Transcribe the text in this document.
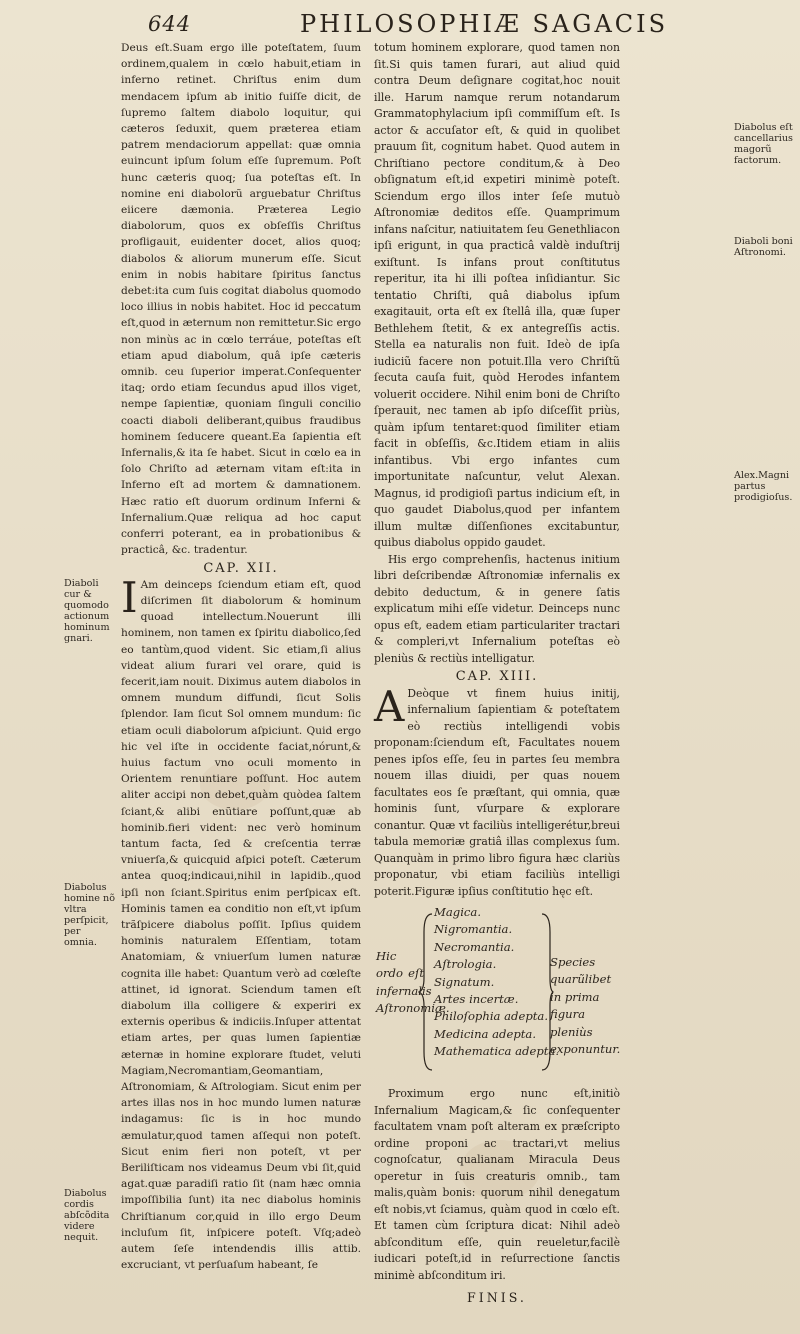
644	PHILOSOPHIÆ SAGACIS
Diaboli cur & quomodo actionum hominum gnari.
Diabolus homine nõ vltra perſpicit, per omnia.
Diabolus cordis abſcõdita videre nequit.
Diabolus eſt cancellarius magorũ factorum.
Diaboli boni Aſtronomi.
Alex.Magni partus prodigioſus.

Deus eſt.Suam ergo ille poteſtatem, ſuum ordinem,qualem in cœlo habuit,etiam in inferno retinet. Chriſtus enim dum mendacem ipſum ab initio fuiſſe dicit, de ſupremo ſaltem diabolo loquitur, qui cæteros ſeduxit, quem præterea etiam patrem mendaciorum appellat: quæ omnia euincunt ipſum ſolum eſſe ſupremum. Poſt hunc cæteris quoq; ſua poteſtas eſt. In nomine eni diabolorũ arguebatur Chriſtus eiicere dæmonia. Præterea Legio diabolorum, quos ex obſeſſis Chriſtus profligauit, euidenter docet, alios quoq; diabolos & aliorum munerum eſſe. Sicut enim in nobis habitare ſpiritus ſanctus debet:ita cum ſuis cogitat diabolus quomodo loco illius in nobis habitet. Hoc id peccatum eſt,quod in æternum non remittetur.Sic ergo non minùs ac in cœlo terráue, poteſtas eſt etiam apud diabolum, quâ ipſe cæteris omnib. ceu ſuperior imperat.Conſequenter itaq; ordo etiam ſecundus apud illos viget, nempe ſapientiæ, quoniam ſinguli concilio coacti diaboli deliberant,quibus fraudibus hominem ſeducere queant.Ea ſapientia eſt Infernalis,& ita ſe habet. Sicut in cœlo ea in ſolo Chriſto ad æternam vitam eſt:ita in Inferno eſt ad mortem & damnationem. Hæc ratio eſt duorum ordinum Inferni & Infernalium.Quæ reliqua ad hoc caput conferri poterant, ea in probationibus & practicâ, &c. tradentur.

CAP. XII.

I Am deinceps ſciendum etiam eſt, quod diſcrimen ſit diabolorum & hominum quoad intellectum.Nouerunt illi hominem, non tamen ex ſpiritu diabolico,ſed eo tantùm,quod vident. Sic etiam,ſi alius videat alium furari vel orare, quid is fecerit,iam nouit. Diximus autem diabolos in omnem mundum diffundi, ſicut Solis ſplendor. Iam ſicut Sol omnem mundum: ſic etiam oculi diabolorum aſpiciunt. Quid ergo hic vel iſte in occidente faciat,nórunt,& huius factum vno oculi momento in Orientem renuntiare poſſunt. Hoc autem aliter accipi non debet,quàm quòdea ſaltem ſciant,& alibi enũtiare poſſunt,quæ ab hominib.fieri vident: nec verò hominum tantum facta, ſed & creſcentia terræ vniuerſa,& quicquid aſpici poteſt. Cæterum antea quoq;indicaui,nihil in lapidib.,quod ipſi non ſciant.Spiritus enim perſpicax eſt. Hominis tamen ea conditio non eſt,vt ipſum trãſpicere diabolus poſſit. Ipſius quidem hominis naturalem Eſſentiam, totam Anatomiam, & vniuerſum lumen naturæ cognita ille habet: Quantum verò ad cœleſte attinet, id ignorat. Sciendum tamen eſt diabolum illa colligere & experiri ex externis operibus & indiciis.Inſuper attentat etiam artes, per quas lumen ſapientiæ æternæ in homine explorare ſtudet, veluti Magiam,Necromantiam,Geomantiam, Aſtronomiam, & Aſtrologiam. Sicut enim per artes illas nos in hoc mundo lumen naturæ indagamus: ſic is in hoc mundo æmulatur,quod tamen aſſequi non poteſt. Sicut enim fieri non poteſt, vt per Beriliſticam nos videamus Deum vbi ſit,quid agat.quæ paradiſi ratio ſit (nam hæc omnia impoſſibilia ſunt) ita nec diabolus hominis Chriſtianum cor,quid in illo ergo Deum incluſum ſit, inſpicere poteſt. Vſq;adeò autem ſeſe intendendis illis attib. excruciant, vt perſuaſum habeant, ſe

totum hominem explorare, quod tamen non ſit.Si quis tamen furari, aut aliud quid contra Deum deſignare cogitat,hoc nouit ille. Harum namque rerum notandarum Grammatophylacium ipſi commiſſum eſt. Is actor & accuſator eſt, & quid in quolibet prauum ſit, cognitum habet. Quod autem in Chriſtiano pectore conditum,& à Deo obſignatum eſt,id expetiri minimè poteſt. Sciendum ergo illos inter ſeſe mutuò Aſtronomiæ deditos eſſe. Quamprimum infans naſcitur, natiuitatem ſeu Genethliacon ipſi erigunt, in qua practicâ valdè induſtrij exiſtunt. Is infans prout conſtitutus reperitur, ita hi illi poſtea inſidiantur. Sic tentatio Chriſti, quâ diabolus ipſum exagitauit, orta eſt ex ſtellâ illa, quæ ſuper Bethlehem ſtetit, & ex antegreſſis actis. Stella ea naturalis non fuit. Ideò de ipſa iudiciũ facere non potuit.Illa vero Chriſtũ ſecuta cauſa fuit, quòd Herodes infantem voluerit occidere. Nihil enim boni de Chriſto ſperauit, nec tamen ab ipſo diſceſſit priùs, quàm ipſum tentaret:quod ſimiliter etiam facit in obſeſſis, &c.Itidem etiam in aliis infantibus. Vbi ergo infantes cum importunitate naſcuntur, velut Alexan. Magnus, id prodigioſi partus indicium eſt, in quo gaudet Diabolus,quod per infantem illum multæ diſſenſiones excitabuntur, quibus diabolus oppido gaudet.

His ergo comprehenſis, hactenus initium libri deſcribendæ Aſtronomiæ infernalis ex debito deductum, & in genere ſatis explicatum mihi eſſe videtur. Deinceps nunc opus eſt, eadem etiam particulariter tractari & compleri,vt Infernalium poteſtas eò pleniùs & rectiùs intelligatur.

CAP. XIII.

A Deòque vt finem huius initij, infernalium ſapientiam & poteſtatem eò rectiùs intelligendi vobis proponam:ſciendum eſt, Facultates nouem penes ipſos eſſe, ſeu in partes ſeu membra nouem illas diuidi, per quas nouem facultates eos ſe præſtant, qui omnia, quæ hominis ſunt, vſurpare & explorare conantur. Quæ vt faciliùs intelligerétur,breui tabula memoriæ gratiâ illas complexus ſum. Quanquàm in primo libro figura hæc clariùs proponatur, vbi etiam faciliùs intelligi poterit.Figuræ ipſius conſtitutio hęc eſt.

Hic ordo eſt infernalis Aſtronomiæ.
Magica.
Nigromantia.
Necromantia.
Aſtrologia.
Signatum.
Artes incertæ.
Philoſophia adepta.
Medicina adepta.
Mathematica adepta.
Species quarũlibet in prima figura pleniùs exponuntur.

Proximum ergo nunc eſt,initiò Infernalium Magicam,& ſic conſequenter facultatem vnam poſt alteram ex præſcripto ordine proponi ac tractari,vt melius cognoſcatur, qualianam Miracula Deus operetur in ſuis creaturis omnib., tam malis,quàm bonis: quorum nihil denegatum eſt nobis,vt ſciamus, quàm quod in cœlo eſt. Et tamen cùm ſcriptura dicat: Nihil adeò abſconditum eſſe, quin reueletur,facilè iudicari poteſt,id in reſurrectione ſanctis minimè abſconditum iri.

FINIS.
